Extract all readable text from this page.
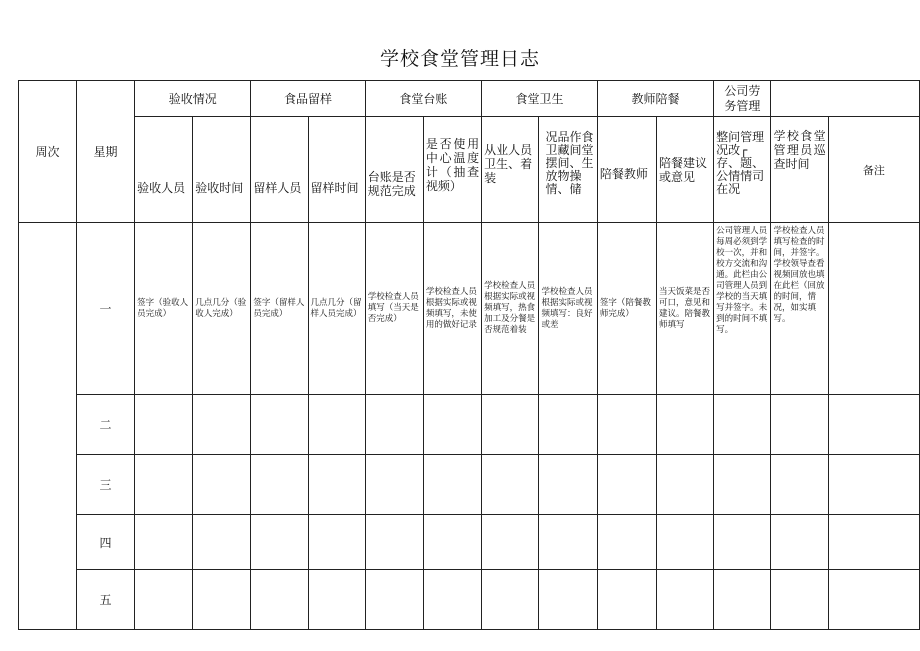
学校食堂管理日志
周次	星期	验收情况		食品留样		食堂台账		食堂卫生		教师陪餐		公司劳务管理		
		验收人员	验收时间	留样人员	留样时间	台账是否规范完成	是否使用中心温度计（抽查视频）	从业人员卫生、着装	况品作食卫藏间堂摆间、生放物操情、储	陪餐教师	陪餐建议或意见	整问管理况改┌存、题、公情情司在况	学校食堂管理员巡查时间	备注
	一	签字（验收人员完成）	几点几分（验收人完成）	签字（留样人员完成）	几点几分（留样人员完成）	学校检查人员填写（当天是否完成）	学校检查人员根据实际或视频填写，未使用的做好记录	学校检查人员根据实际或视频填写，热食加工及分餐是否规范着装	学校检查人员根据实际或视频填写：良好或差	签字（陪餐教师完成）	当天饭菜是否可口，意见和建议。陪餐教师填写	公司管理人员每周必须到学校一次，并和校方交流和沟通。此栏由公司管理人员到学校的当天填写并签字。未到的时间不填写。	学校检查人员填写检查的时间，并签字。学校领导查看视频回放也填在此栏（回放的时间，情况，如实填写。	
	二													
	三													
	四													
	五													
